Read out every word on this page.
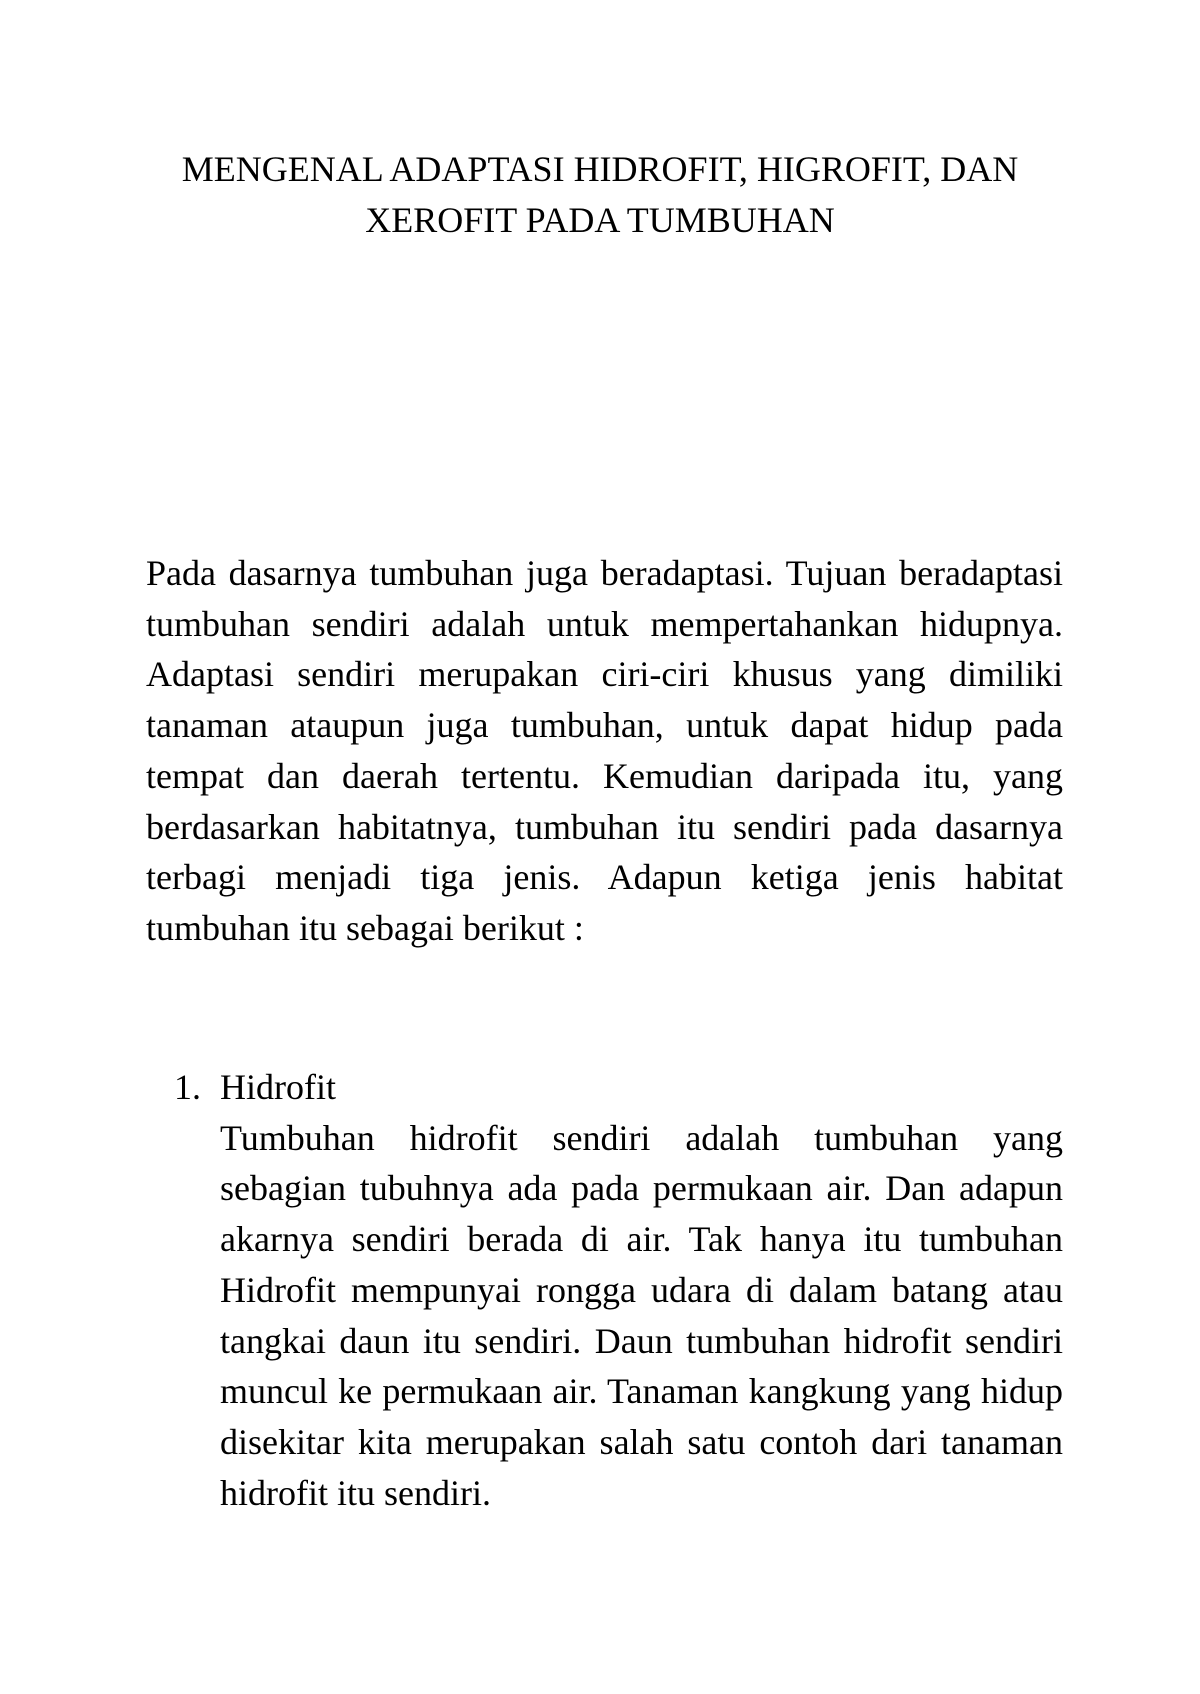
MENGENAL ADAPTASI HIDROFIT, HIGROFIT, DAN
XEROFIT PADA TUMBUHAN

Pada dasarnya tumbuhan juga beradaptasi. Tujuan beradaptasi tumbuhan sendiri adalah untuk mempertahankan hidupnya. Adaptasi sendiri merupakan ciri-ciri khusus yang dimiliki tanaman ataupun juga tumbuhan, untuk dapat hidup pada tempat dan daerah tertentu. Kemudian daripada itu, yang berdasarkan habitatnya, tumbuhan itu sendiri pada dasarnya terbagi menjadi tiga jenis. Adapun ketiga jenis habitat tumbuhan itu sebagai berikut :

1. Hidrofit

Tumbuhan hidrofit sendiri adalah tumbuhan yang sebagian tubuhnya ada pada permukaan air. Dan adapun akarnya sendiri berada di air. Tak hanya itu tumbuhan Hidrofit mempunyai rongga udara di dalam batang atau tangkai daun itu sendiri. Daun tumbuhan hidrofit sendiri muncul ke permukaan air. Tanaman kangkung yang hidup disekitar kita merupakan salah satu contoh dari tanaman hidrofit itu sendiri.
